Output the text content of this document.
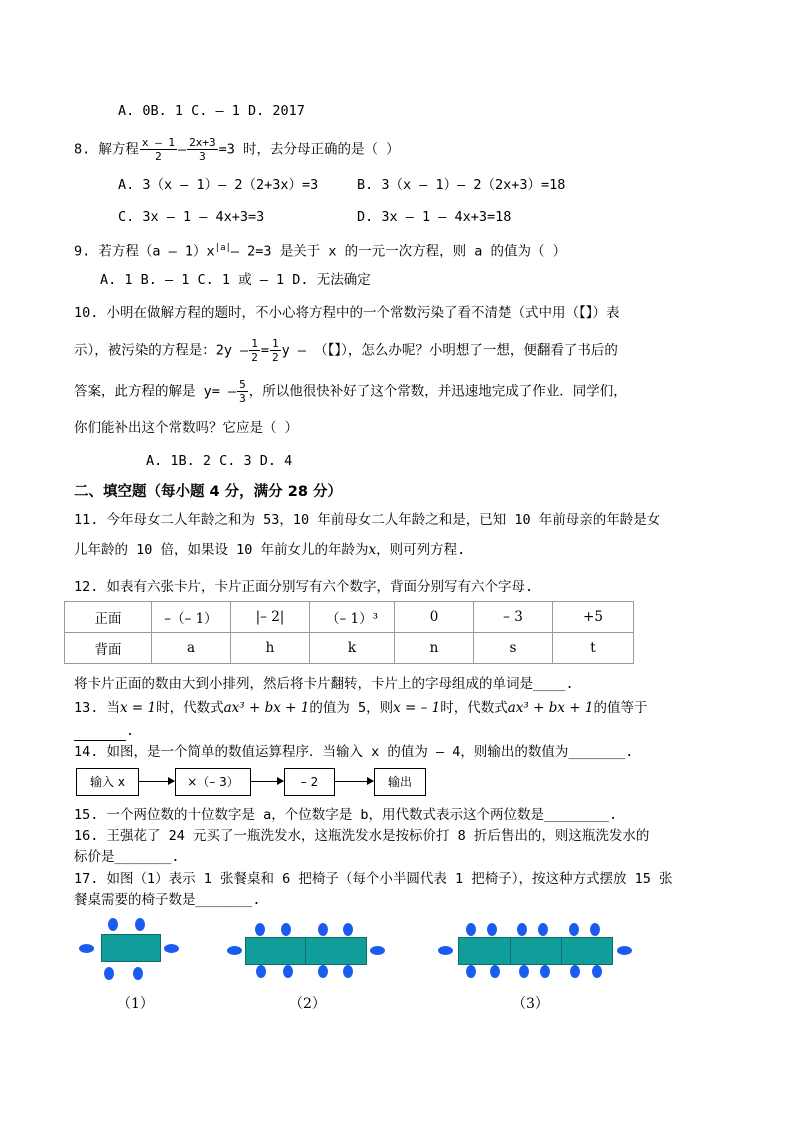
A. 0B. 1 C. – 1 D. 2017
8. 解方程 $\frac{x - 1}{2} - \frac{2x+3}{3} =3$ 时，去分母正确的是（ ）
A. 3（x – 1）– 2（2+3x）=3	B. 3（x – 1）– 2（2x+3）=18
C. 3x – 1 – 4x+3=3	D. 3x – 1 – 4x+3=18
9. 若方程$(a - 1)x^{|a|}-$ 2=3 是关于 x 的一元一次方程，则 a 的值为（ ）
A. 1 B. – 1 C. 1 或 – 1 D. 无法确定
10. 小明在做解方程的题时，不小心将方程中的一个常数污染了看不清楚（式中用（【】）表
示），被污染的方程是：$2y - \frac{1}{2} = \frac{1}{2}$ y – （【】），怎么办呢？小明想了一想，便翻看了书后的
答案，此方程的解是 $y= - \frac{5}{3}$ ，所以他很快补好了这个常数，并迅速地完成了作业．同学们，
你们能补出这个常数吗？它应是（ ）
A. 1B. 2 C. 3 D. 4
二、填空题（每小题 4 分，满分 28 分）
11. 今年母女二人年龄之和为 53，10 年前母女二人年龄之和是，已知 10 年前母亲的年龄是女
儿年龄的 10 倍，如果设 10 年前女儿的年龄为x，则可列方程.
12. 如表有六张卡片，卡片正面分别写有六个数字，背面分别写有六个字母.
正面	–（– 1）	|– 2|	（– 1）³	0	– 3	+5
背面	a	h	k	n	s	t
将卡片正面的数由大到小排列，然后将卡片翻转，卡片上的字母组成的单词是____.
13. 当x = 1时，代数式ax³ + bx + 1的值为 5，则x = – 1时，代数式ax³ + bx + 1的值等于
.
14. 如图，是一个简单的数值运算程序．当输入 x 的值为 – 4，则输出的数值为_______.
输入 x	×（– 3）	– 2	输出
15. 一个两位数的十位数字是 a，个位数字是 b，用代数式表示这个两位数是________.
16. 王强花了 24 元买了一瓶洗发水，这瓶洗发水是按标价打 8 折后售出的，则这瓶洗发水的
标价是_______.
17. 如图（1）表示 1 张餐桌和 6 把椅子（每个小半圆代表 1 把椅子），按这种方式摆放 15 张
餐桌需要的椅子数是_______.
（1）	（2）	（3）
